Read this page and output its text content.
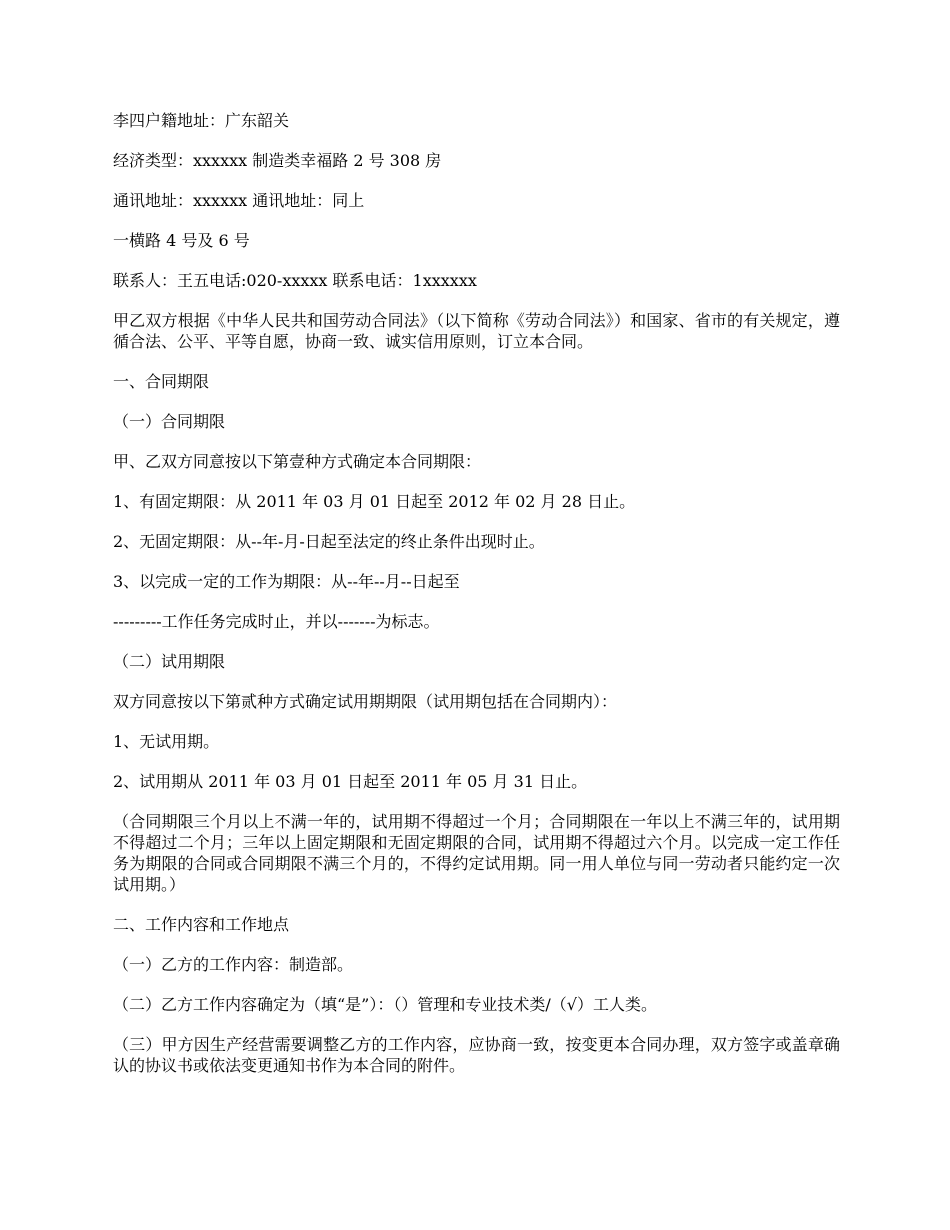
李四户籍地址：广东韶关

经济类型：xxxxxx 制造类幸福路 2 号 308 房

通讯地址：xxxxxx 通讯地址：同上

一横路 4 号及 6 号

联系人：王五电话:020-xxxxx 联系电话：1xxxxxx

甲乙双方根据《中华人民共和国劳动合同法》（以下简称《劳动合同法》）和国家、省市的有关规定，遵循合法、公平、平等自愿，协商一致、诚实信用原则，订立本合同。

一、合同期限

（一）合同期限

甲、乙双方同意按以下第壹种方式确定本合同期限：

1、有固定期限：从 2011 年 03 月 01 日起至 2012 年 02 月 28 日止。

2、无固定期限：从--年-月-日起至法定的终止条件出现时止。

3、以完成一定的工作为期限：从--年--月--日起至

---------工作任务完成时止，并以-------为标志。

（二）试用期限

双方同意按以下第贰种方式确定试用期期限（试用期包括在合同期内）：

1、无试用期。

2、试用期从 2011 年 03 月 01 日起至 2011 年 05 月 31 日止。

（合同期限三个月以上不满一年的，试用期不得超过一个月；合同期限在一年以上不满三年的，试用期不得超过二个月；三年以上固定期限和无固定期限的合同，试用期不得超过六个月。以完成一定工作任务为期限的合同或合同期限不满三个月的，不得约定试用期。同一用人单位与同一劳动者只能约定一次试用期。）

二、工作内容和工作地点

（一）乙方的工作内容：制造部。

（二）乙方工作内容确定为（填“是”）：（）管理和专业技术类/（√）工人类。

（三）甲方因生产经营需要调整乙方的工作内容，应协商一致，按变更本合同办理，双方签字或盖章确认的协议书或依法变更通知书作为本合同的附件。
